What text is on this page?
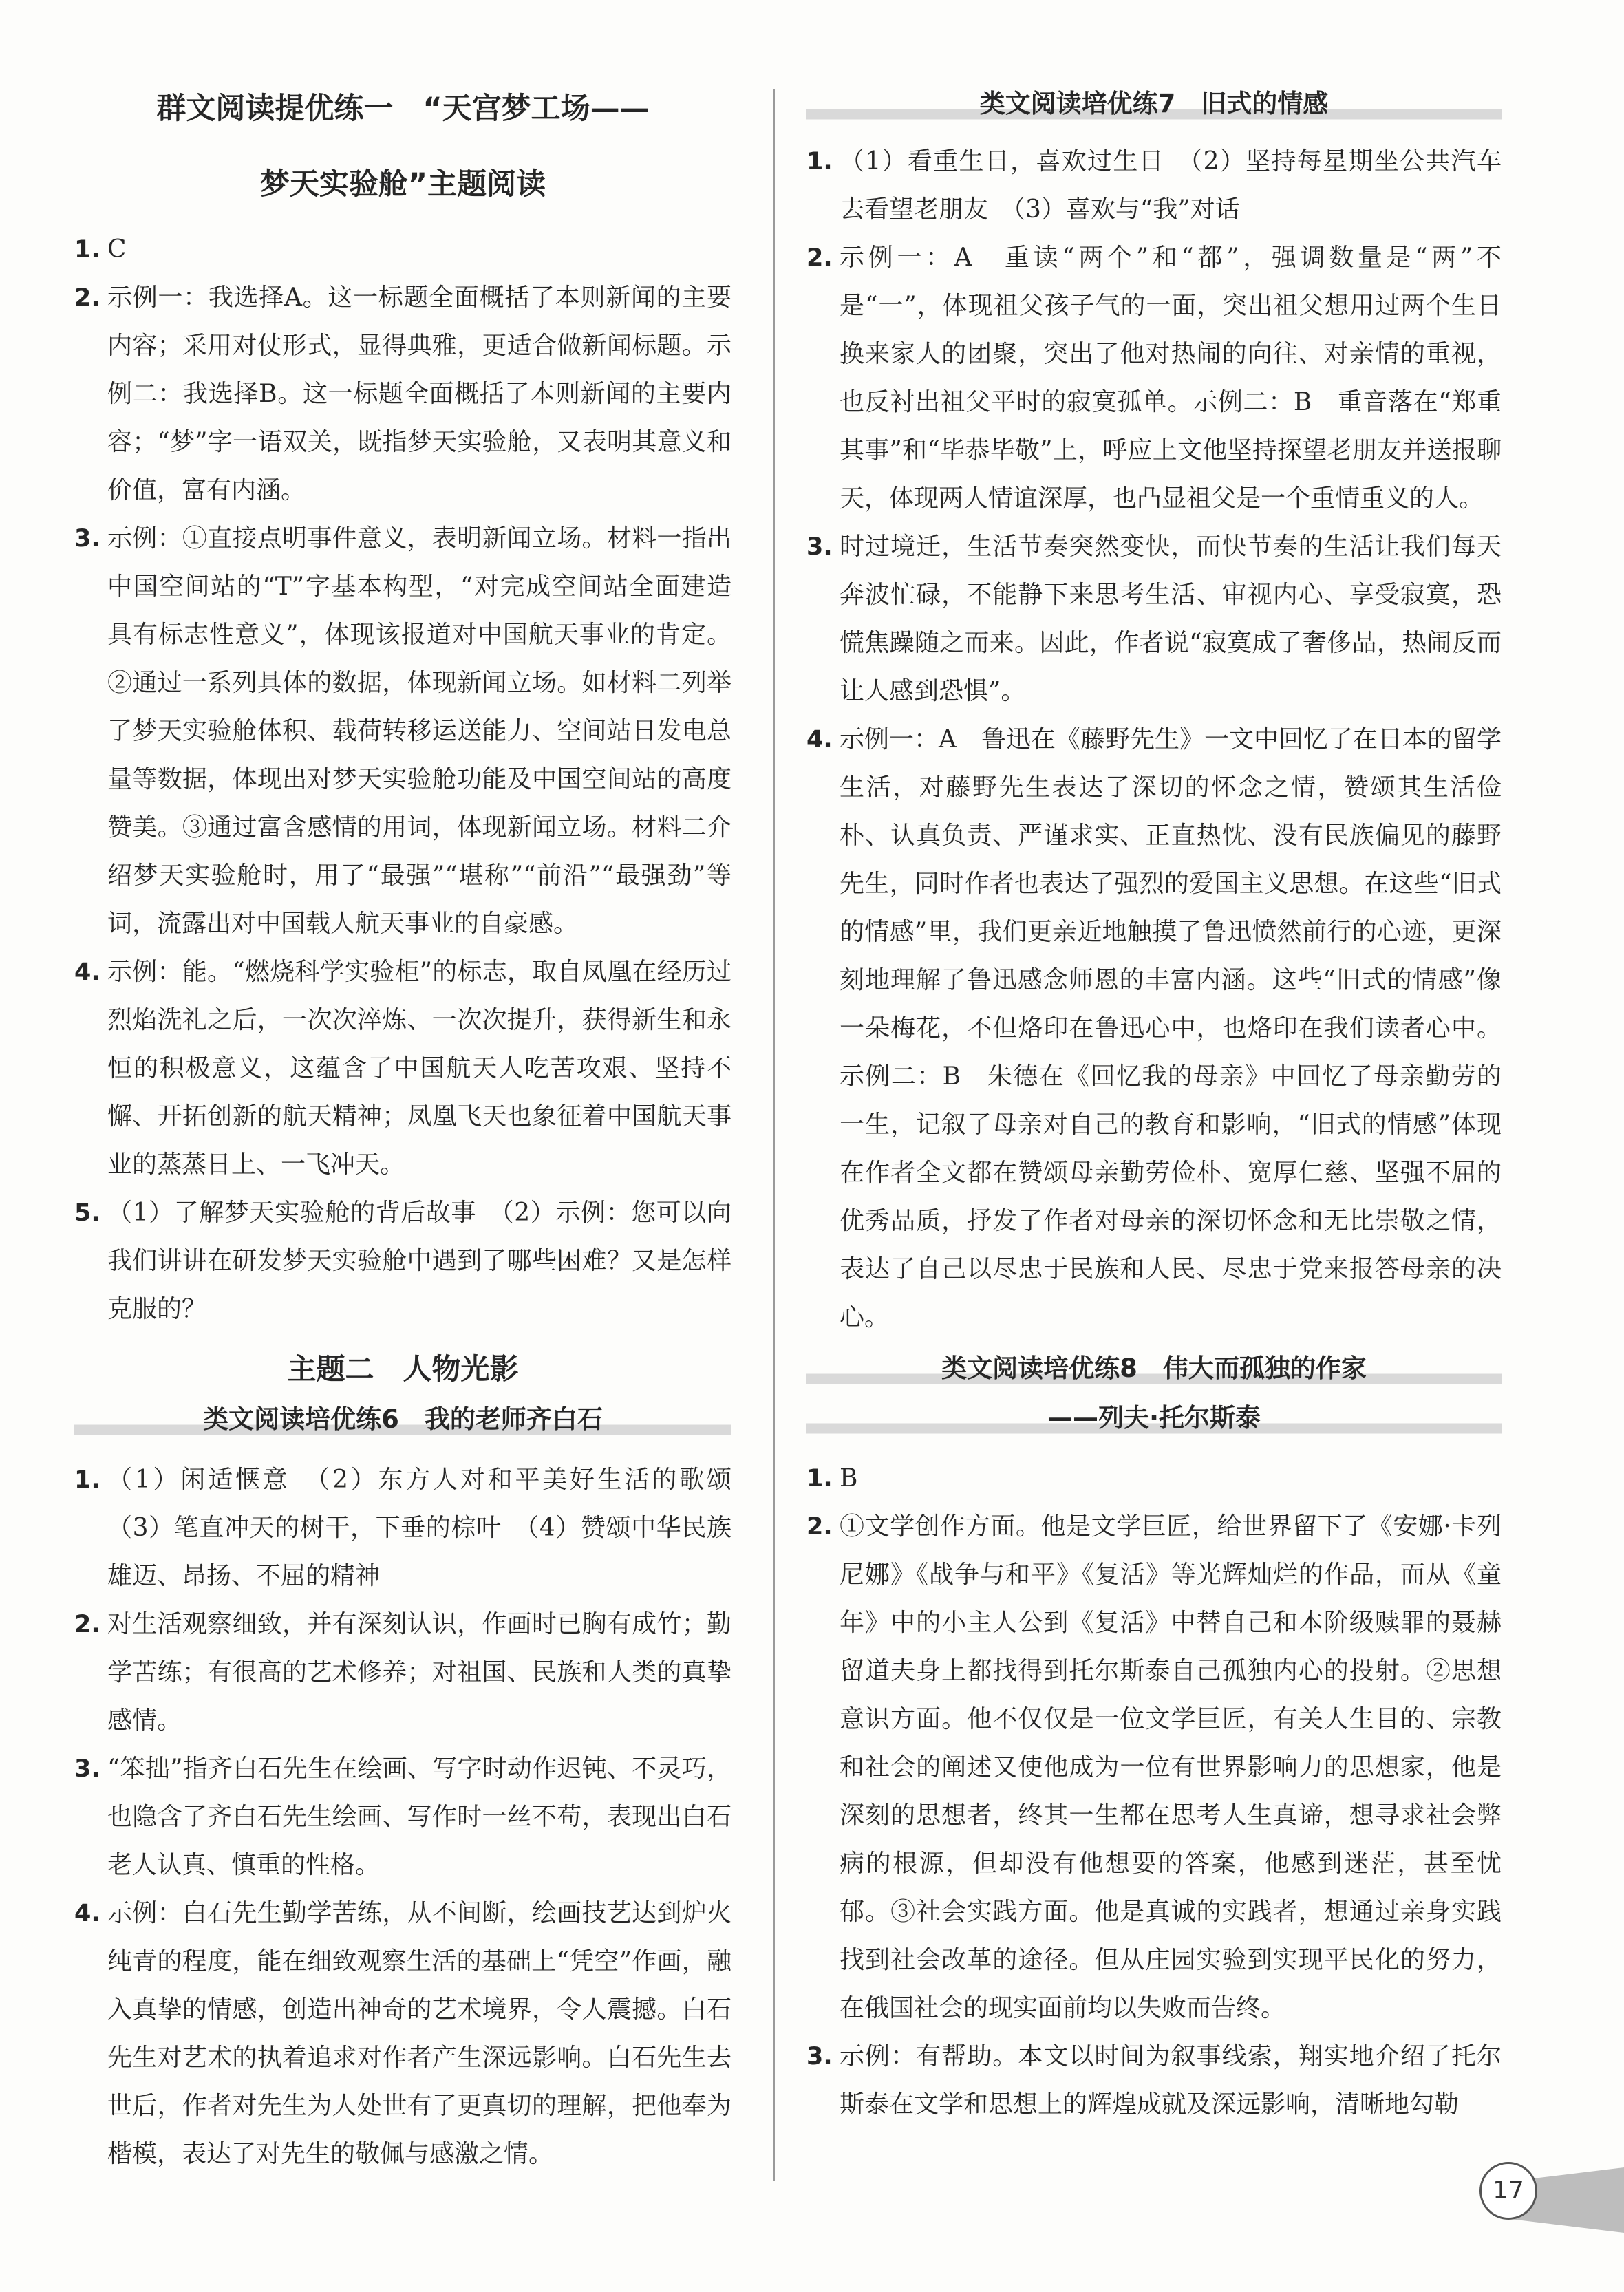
群文阅读提优练一　“天宫梦工场——
梦天实验舱”主题阅读
1. C
2. 示例一：我选择A。这一标题全面概括了本则新闻的主要内容；采用对仗形式，显得典雅，更适合做新闻标题。示例二：我选择B。这一标题全面概括了本则新闻的主要内容；“梦”字一语双关，既指梦天实验舱，又表明其意义和价值，富有内涵。
3. 示例：①直接点明事件意义，表明新闻立场。材料一指出中国空间站的“T”字基本构型，“对完成空间站全面建造具有标志性意义”，体现该报道对中国航天事业的肯定。②通过一系列具体的数据，体现新闻立场。如材料二列举了梦天实验舱体积、载荷转移运送能力、空间站日发电总量等数据，体现出对梦天实验舱功能及中国空间站的高度赞美。③通过富含感情的用词，体现新闻立场。材料二介绍梦天实验舱时，用了“最强”“堪称”“前沿”“最强劲”等词，流露出对中国载人航天事业的自豪感。
4. 示例：能。“燃烧科学实验柜”的标志，取自凤凰在经历过烈焰洗礼之后，一次次淬炼、一次次提升，获得新生和永恒的积极意义，这蕴含了中国航天人吃苦攻艰、坚持不懈、开拓创新的航天精神；凤凰飞天也象征着中国航天事业的蒸蒸日上、一飞冲天。
5. （1）了解梦天实验舱的背后故事　（2）示例：您可以向我们讲讲在研发梦天实验舱中遇到了哪些困难？又是怎样克服的？
主题二　人物光影
类文阅读培优练6　我的老师齐白石
1. （1）闲适惬意　（2）东方人对和平美好生活的歌颂　（3）笔直冲天的树干，下垂的棕叶　（4）赞颂中华民族雄迈、昂扬、不屈的精神
2. 对生活观察细致，并有深刻认识，作画时已胸有成竹；勤学苦练；有很高的艺术修养；对祖国、民族和人类的真挚感情。
3. “笨拙”指齐白石先生在绘画、写字时动作迟钝、不灵巧，也隐含了齐白石先生绘画、写作时一丝不苟，表现出白石老人认真、慎重的性格。
4. 示例：白石先生勤学苦练，从不间断，绘画技艺达到炉火纯青的程度，能在细致观察生活的基础上“凭空”作画，融入真挚的情感，创造出神奇的艺术境界，令人震撼。白石先生对艺术的执着追求对作者产生深远影响。白石先生去世后，作者对先生为人处世有了更真切的理解，把他奉为楷模，表达了对先生的敬佩与感激之情。
类文阅读培优练7　旧式的情感
1. （1）看重生日，喜欢过生日　（2）坚持每星期坐公共汽车去看望老朋友　（3）喜欢与“我”对话
2. 示例一：A　重读“两个”和“都”，强调数量是“两”不是“一”，体现祖父孩子气的一面，突出祖父想用过两个生日换来家人的团聚，突出了他对热闹的向往、对亲情的重视，也反衬出祖父平时的寂寞孤单。示例二：B　重音落在“郑重其事”和“毕恭毕敬”上，呼应上文他坚持探望老朋友并送报聊天，体现两人情谊深厚，也凸显祖父是一个重情重义的人。
3. 时过境迁，生活节奏突然变快，而快节奏的生活让我们每天奔波忙碌，不能静下来思考生活、审视内心、享受寂寞，恐慌焦躁随之而来。因此，作者说“寂寞成了奢侈品，热闹反而让人感到恐惧”。
4. 示例一：A　鲁迅在《藤野先生》一文中回忆了在日本的留学生活，对藤野先生表达了深切的怀念之情，赞颂其生活俭朴、认真负责、严谨求实、正直热忱、没有民族偏见的藤野先生，同时作者也表达了强烈的爱国主义思想。在这些“旧式的情感”里，我们更亲近地触摸了鲁迅愤然前行的心迹，更深刻地理解了鲁迅感念师恩的丰富内涵。这些“旧式的情感”像一朵梅花，不但烙印在鲁迅心中，也烙印在我们读者心中。示例二：B　朱德在《回忆我的母亲》中回忆了母亲勤劳的一生，记叙了母亲对自己的教育和影响，“旧式的情感”体现在作者全文都在赞颂母亲勤劳俭朴、宽厚仁慈、坚强不屈的优秀品质，抒发了作者对母亲的深切怀念和无比崇敬之情，表达了自己以尽忠于民族和人民、尽忠于党来报答母亲的决心。
类文阅读培优练8　伟大而孤独的作家
——列夫·托尔斯泰
1. B
2. ①文学创作方面。他是文学巨匠，给世界留下了《安娜·卡列尼娜》《战争与和平》《复活》等光辉灿烂的作品，而从《童年》中的小主人公到《复活》中替自己和本阶级赎罪的聂赫留道夫身上都找得到托尔斯泰自己孤独内心的投射。②思想意识方面。他不仅仅是一位文学巨匠，有关人生目的、宗教和社会的阐述又使他成为一位有世界影响力的思想家，他是深刻的思想者，终其一生都在思考人生真谛，想寻求社会弊病的根源，但却没有他想要的答案，他感到迷茫，甚至忧郁。③社会实践方面。他是真诚的实践者，想通过亲身实践找到社会改革的途径。但从庄园实验到实现平民化的努力，在俄国社会的现实面前均以失败而告终。
3. 示例：有帮助。本文以时间为叙事线索，翔实地介绍了托尔斯泰在文学和思想上的辉煌成就及深远影响，清晰地勾勒
17
